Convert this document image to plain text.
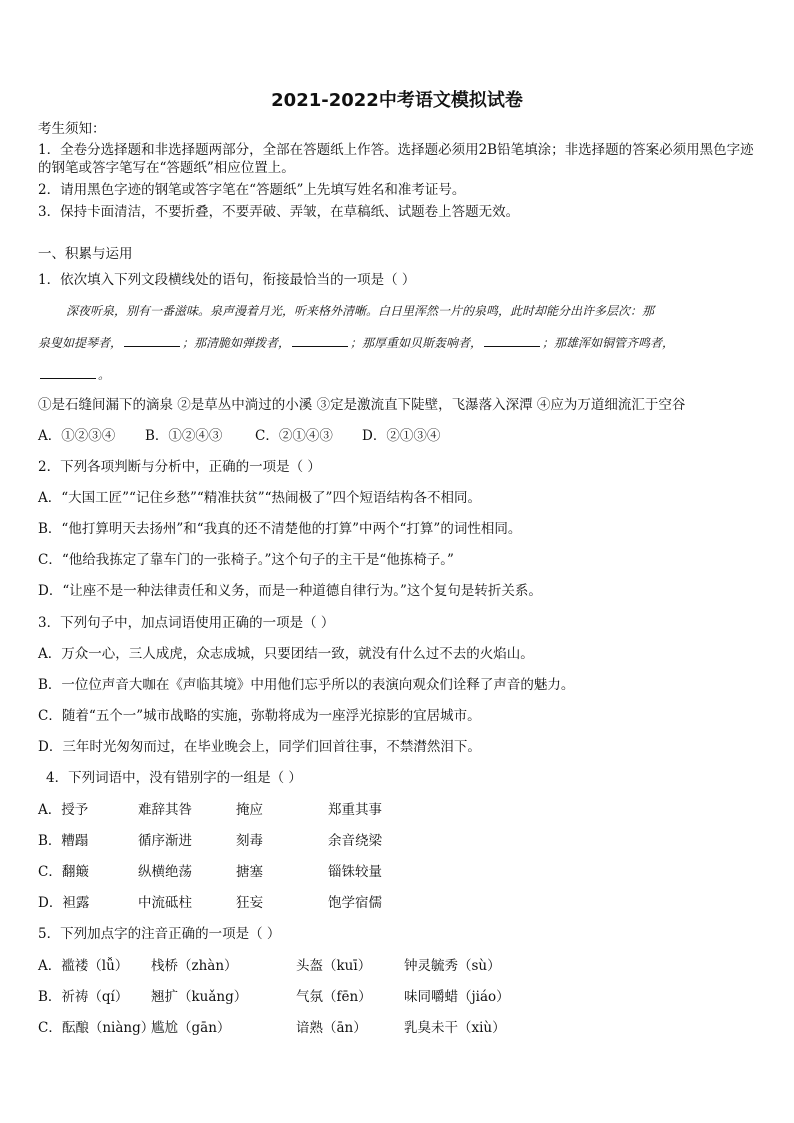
2021-2022中考语文模拟试卷
考生须知：
1．全卷分选择题和非选择题两部分，全部在答题纸上作答。选择题必须用2B铅笔填涂；非选择题的答案必须用黑色字迹的钢笔或答字笔写在“答题纸”相应位置上。
2．请用黑色字迹的钢笔或答字笔在“答题纸”上先填写姓名和准考证号。
3．保持卡面清洁，不要折叠，不要弄破、弄皱，在草稿纸、试题卷上答题无效。
一、积累与运用
1．依次填入下列文段横线处的语句，衔接最恰当的一项是（ ）
深夜听泉，别有一番滋味。泉声漫着月光，听来格外清晰。白日里浑然一片的泉鸣，此时却能分出许多层次：那
泉叟如提琴者，	；那清脆如弹拨者，	；那厚重如贝斯轰响者，	；那雄浑如铜管齐鸣者，
。
①是石缝间漏下的滴泉 ②是草丛中淌过的小溪 ③定是激流直下陡壁，飞瀑落入深潭 ④应为万道细流汇于空谷
A．①②③④ B．①②④③ C．②①④③ D．②①③④
2．下列各项判断与分析中，正确的一项是（ ）
A．“大国工匠”“记住乡愁”“精准扶贫”“热闹极了”四个短语结构各不相同。
B．“他打算明天去扬州”和“我真的还不清楚他的打算”中两个“打算”的词性相同。
C．“他给我拣定了靠车门的一张椅子。”这个句子的主干是“他拣椅子。”
D．“让座不是一种法律责任和义务，而是一种道德自律行为。”这个复句是转折关系。
3．下列句子中，加点词语使用正确的一项是（ ）
A．万众一心，三人成虎，众志成城，只要团结一致，就没有什么过不去的火焰山。
B．一位位声音大咖在《声临其境》中用他们忘乎所以的表演向观众们诠释了声音的魅力。
C．随着“五个一”城市战略的实施，弥勒将成为一座浮光掠影的宜居城市。
D．三年时光匆匆而过，在毕业晚会上，同学们回首往事，不禁潸然泪下。
4．下列词语中，没有错别字的一组是（ ）
A．授予	难辞其咎	掩应	郑重其事
B．糟蹋	循序渐进	刻毒	余音绕梁
C．翻簸	纵横绝荡	搪塞	锱铢较量
D．袒露	中流砥柱	狂妄	饱学宿儒
5．下列加点字的注音正确的一项是（ ）
A．褴褛（lǚ） 栈桥（zhàn）	头盔（kuī） 钟灵毓秀（sù）
B．祈祷（qí） 翘扩（kuǎng）	气氛（fēn） 味同嚼蜡（jiáo）
C．酝酿（niàng）尴尬（gān）	谙熟（ān）	乳臭未干（xiù）
